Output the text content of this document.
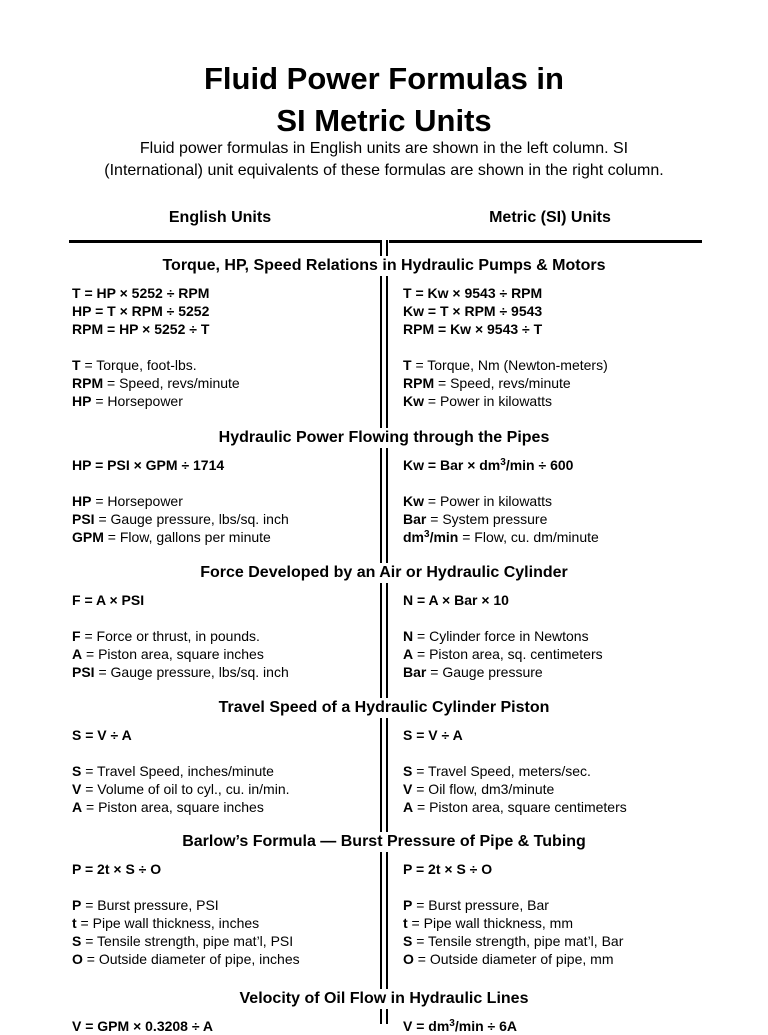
Fluid Power Formulas in
SI Metric Units
Fluid power formulas in English units are shown in the left column. SI
(International) unit equivalents of these formulas are shown in the right column.
English Units	Metric (SI) Units
Torque, HP, Speed Relations in Hydraulic Pumps & Motors
T = HP × 5252 ÷ RPM
HP = T × RPM ÷ 5252
RPM = HP × 5252 ÷ T
T = Torque, foot-lbs.
RPM = Speed, revs/minute
HP = Horsepower
T = Kw × 9543 ÷ RPM
Kw = T × RPM ÷ 9543
RPM = Kw × 9543 ÷ T
T = Torque, Nm (Newton-meters)
RPM = Speed, revs/minute
Kw = Power in kilowatts
Hydraulic Power Flowing through the Pipes
HP = PSI × GPM ÷ 1714
HP = Horsepower
PSI = Gauge pressure, lbs/sq. inch
GPM = Flow, gallons per minute
Kw = Bar × $dm^3/\min \div 600$
Kw = Power in kilowatts
Bar = System pressure
$dm^3/\min$ = Flow, cu. dm/minute
Force Developed by an Air or Hydraulic Cylinder
F = A × PSI
F = Force or thrust, in pounds.
A = Piston area, square inches
PSI = Gauge pressure, lbs/sq. inch
N = A × Bar × 10
N = Cylinder force in Newtons
A = Piston area, sq. centimeters
Bar = Gauge pressure
Travel Speed of a Hydraulic Cylinder Piston
S = V ÷ A
S = Travel Speed, inches/minute
V = Volume of oil to cyl., cu. in/min.
A = Piston area, square inches
S = V ÷ A
S = Travel Speed, meters/sec.
V = Oil flow, dm3/minute
A = Piston area, square centimeters
Barlow’s Formula — Burst Pressure of Pipe & Tubing
P = 2t × S ÷ O
P = Burst pressure, PSI
t = Pipe wall thickness, inches
S = Tensile strength, pipe mat’l, PSI
O = Outside diameter of pipe, inches
P = 2t × S ÷ O
P = Burst pressure, Bar
t = Pipe wall thickness, mm
S = Tensile strength, pipe mat’l, Bar
O = Outside diameter of pipe, mm
Velocity of Oil Flow in Hydraulic Lines
V = GPM × 0.3208 ÷ A	$V = dm^3/\min \div 6A$
